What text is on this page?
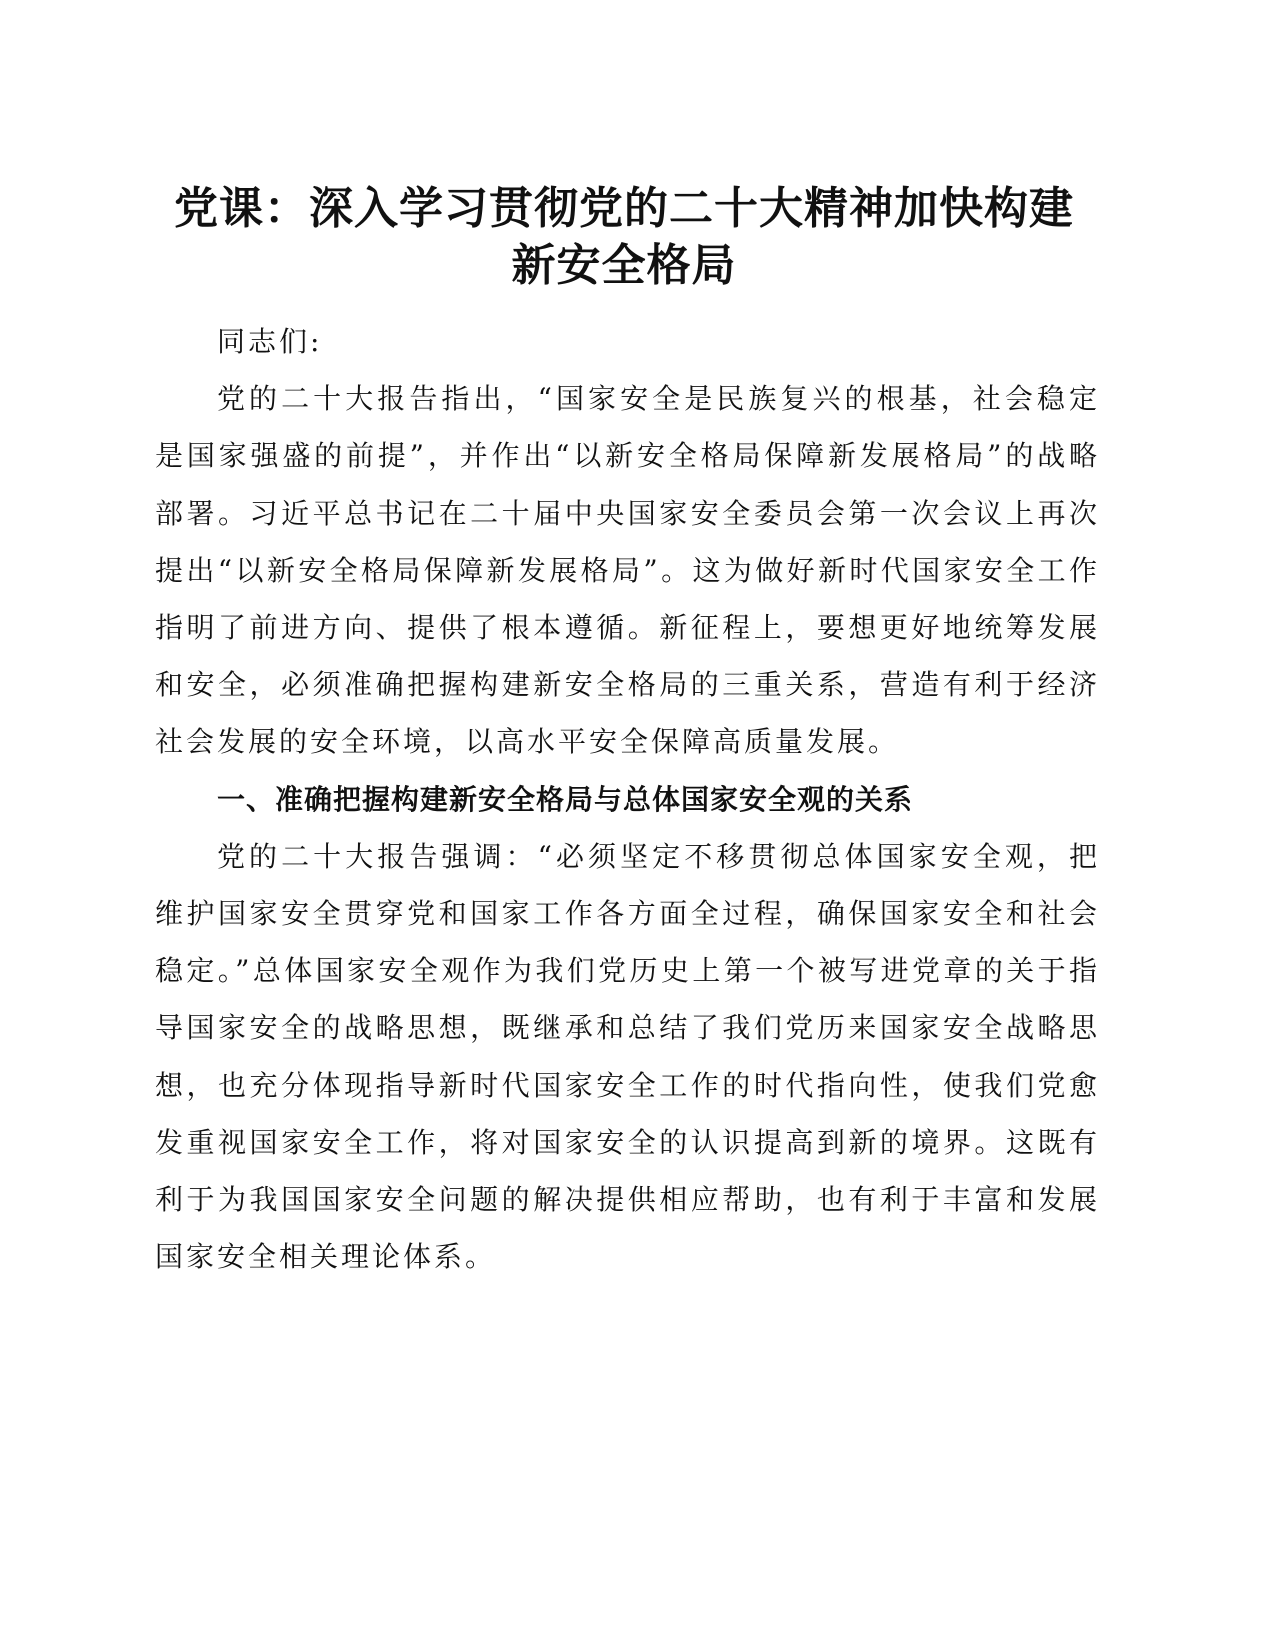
党课：深入学习贯彻党的二十大精神加快构建
新安全格局

同志们:

党的二十大报告指出，“国家安全是民族复兴的根基，社会稳定是国家强盛的前提”，并作出“以新安全格局保障新发展格局”的战略部署。习近平总书记在二十届中央国家安全委员会第一次会议上再次提出“以新安全格局保障新发展格局”。这为做好新时代国家安全工作指明了前进方向、提供了根本遵循。新征程上，要想更好地统筹发展和安全，必须准确把握构建新安全格局的三重关系，营造有利于经济社会发展的安全环境，以高水平安全保障高质量发展。

一、准确把握构建新安全格局与总体国家安全观的关系

党的二十大报告强调：“必须坚定不移贯彻总体国家安全观，把维护国家安全贯穿党和国家工作各方面全过程，确保国家安全和社会稳定。”总体国家安全观作为我们党历史上第一个被写进党章的关于指导国家安全的战略思想，既继承和总结了我们党历来国家安全战略思想，也充分体现指导新时代国家安全工作的时代指向性，使我们党愈发重视国家安全工作，将对国家安全的认识提高到新的境界。这既有利于为我国国家安全问题的解决提供相应帮助，也有利于丰富和发展国家安全相关理论体系。
